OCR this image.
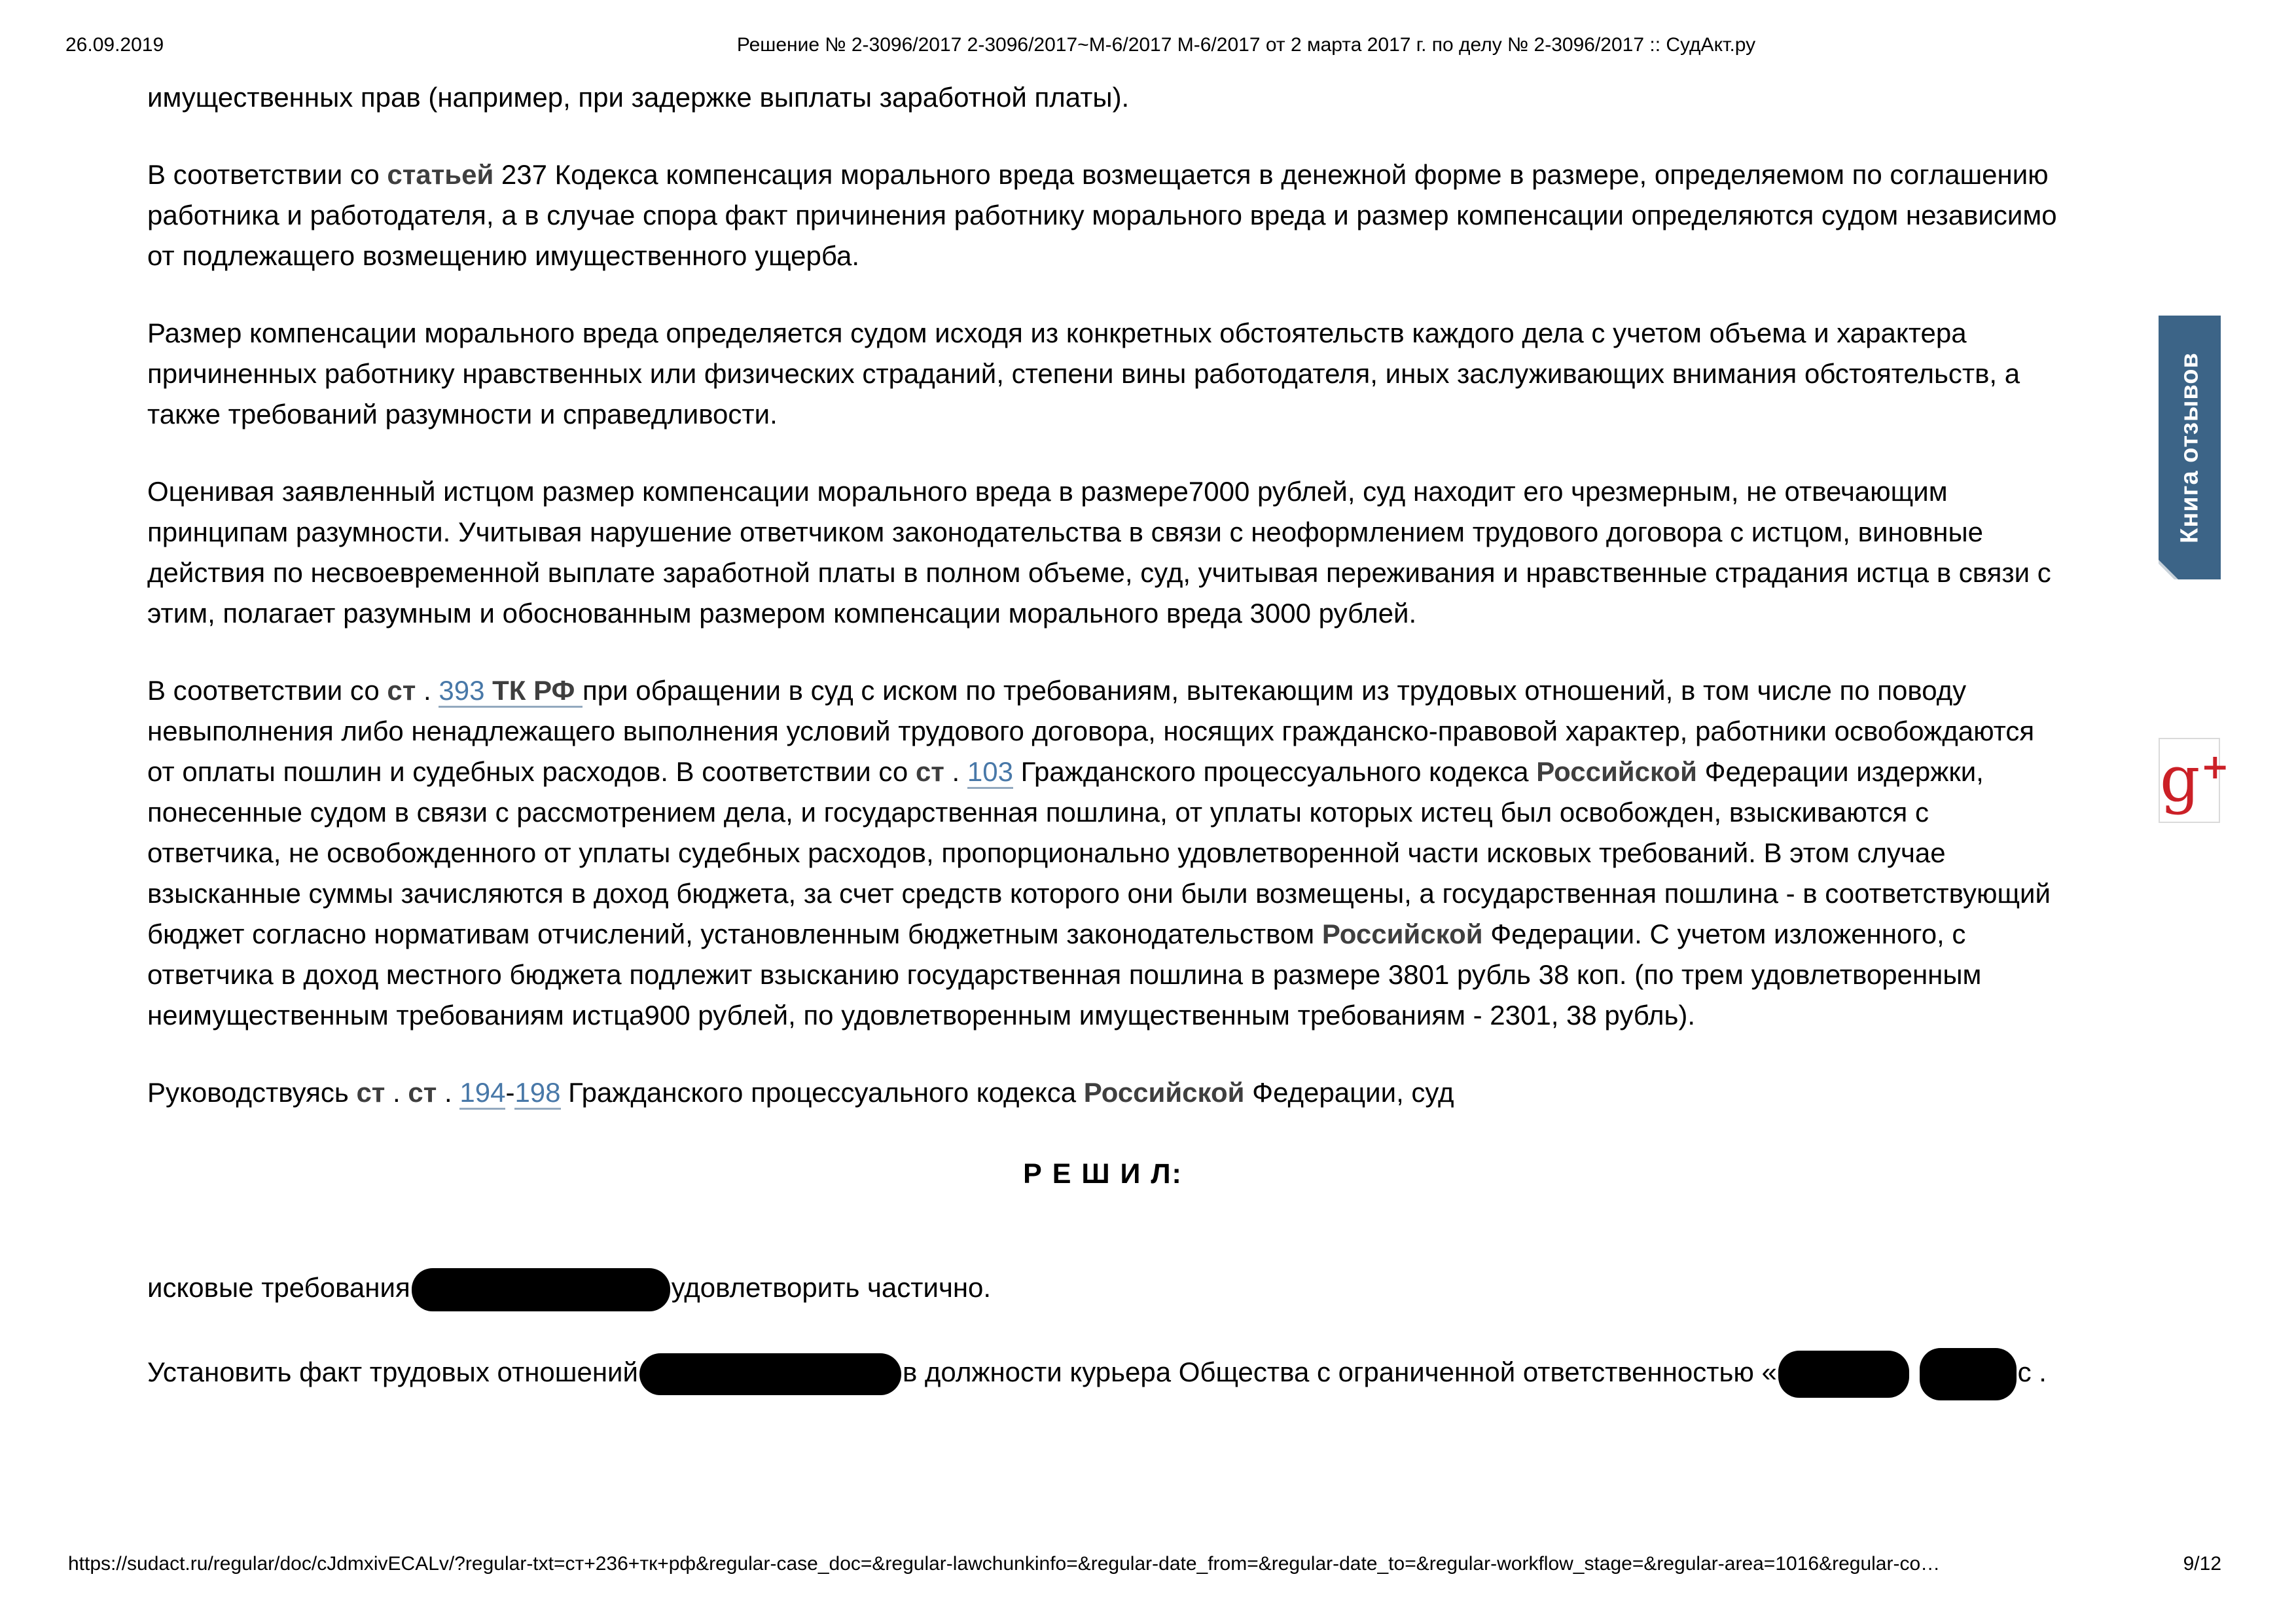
26.09.2019	Решение № 2-3096/2017 2-3096/2017~М-6/2017 М-6/2017 от 2 марта 2017 г. по делу № 2-3096/2017 :: СудАкт.ру

имущественных прав (например, при задержке выплаты заработной платы).

В соответствии со статьей 237 Кодекса компенсация морального вреда возмещается в денежной форме в размере, определяемом по соглашению работника и работодателя, а в случае спора факт причинения работнику морального вреда и размер компенсации определяются судом независимо от подлежащего возмещению имущественного ущерба.

Размер компенсации морального вреда определяется судом исходя из конкретных обстоятельств каждого дела с учетом объема и характера причиненных работнику нравственных или физических страданий, степени вины работодателя, иных заслуживающих внимания обстоятельств, а также требований разумности и справедливости.

Оценивая заявленный истцом размер компенсации морального вреда в размере7000 рублей, суд находит его чрезмерным, не отвечающим принципам разумности. Учитывая нарушение ответчиком законодательства в связи с неоформлением трудового договора с истцом, виновные действия по несвоевременной выплате заработной платы в полном объеме, суд, учитывая переживания и нравственные страдания истца в связи с этим, полагает разумным и обоснованным размером компенсации морального вреда 3000 рублей.

В соответствии со ст . 393 ТК РФ при обращении в суд с иском по требованиям, вытекающим из трудовых отношений, в том числе по поводу невыполнения либо ненадлежащего выполнения условий трудового договора, носящих гражданско-правовой характер, работники освобождаются от оплаты пошлин и судебных расходов. В соответствии со ст . 103 Гражданского процессуального кодекса Российской Федерации издержки, понесенные судом в связи с рассмотрением дела, и государственная пошлина, от уплаты которых истец был освобожден, взыскиваются с ответчика, не освобожденного от уплаты судебных расходов, пропорционально удовлетворенной части исковых требований. В этом случае взысканные суммы зачисляются в доход бюджета, за счет средств которого они были возмещены, а государственная пошлина - в соответствующий бюджет согласно нормативам отчислений, установленным бюджетным законодательством Российской Федерации. С учетом изложенного, с ответчика в доход местного бюджета подлежит взысканию государственная пошлина в размере 3801 рубль 38 коп. (по трем удовлетворенным неимущественным требованиям истца900 рублей, по удовлетворенным имущественным требованиям - 2301, 38 рубль).

Руководствуясь ст . ст . 194-198 Гражданского процессуального кодекса Российской Федерации, суд

Р Е Ш И Л:

исковые требования	удовлетворить частично.

Установить факт трудовых отношений	в должности курьера Общества с ограниченной ответственностью «	с .

Книга отзывов
g+
https://sudact.ru/regular/doc/cJdmxivECALv/?regular-txt=ст+236+тк+рф&regular-case_doc=&regular-lawchunkinfo=&regular-date_from=&regular-date_to=&regular-workflow_stage=&regular-area=1016&regular-co…	9/12
